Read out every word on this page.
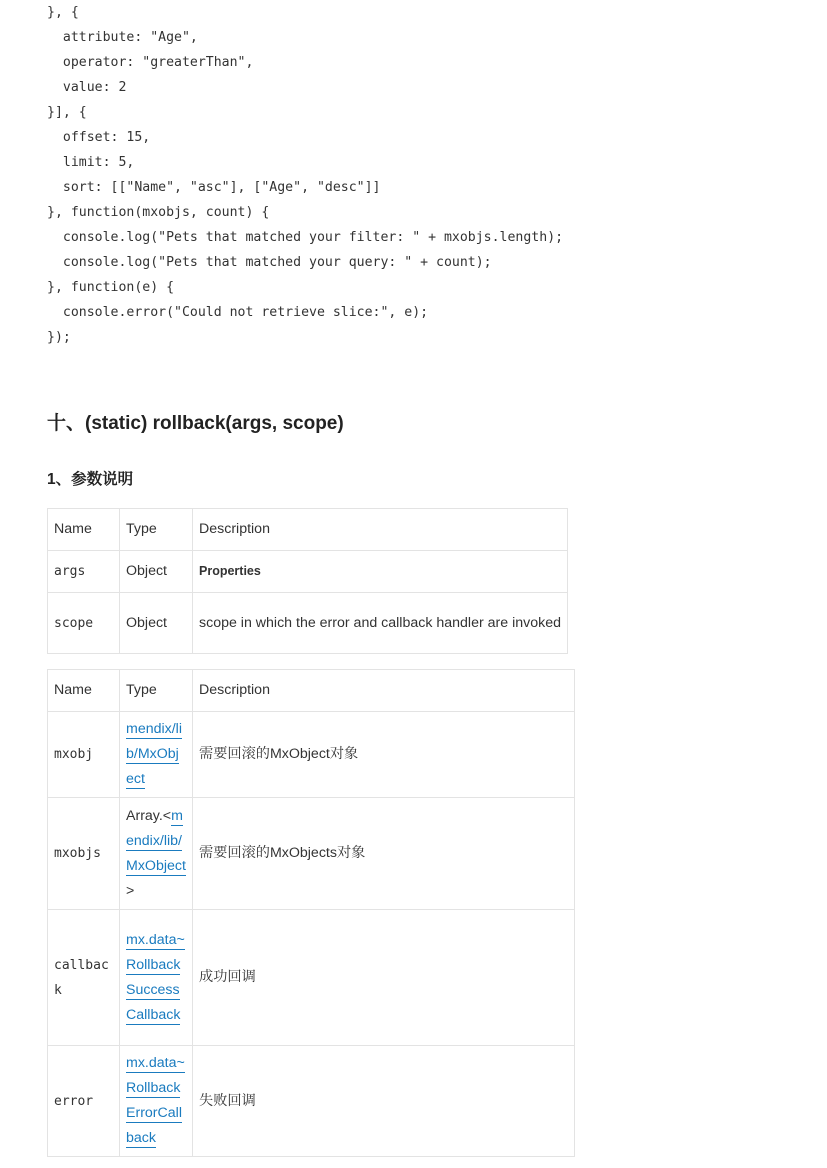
}, {
attribute: "Age",
operator: "greaterThan",
value: 2
}], {
offset: 15,
limit: 5,
sort: [["Name", "asc"], ["Age", "desc"]]
}, function(mxobjs, count) {
console.log("Pets that matched your filter: " + mxobjs.length);
console.log("Pets that matched your query: " + count);
}, function(e) {
console.error("Could not retrieve slice:", e);
});
十、(static) rollback(args, scope)
1、参数说明
Name	Type	Description
args	Object	Properties
scope	Object	scope in which the error and callback handler are invoked
Name	Type	Description
mxobj	mendix/lib/MxObject	需要回滚的MxObject对象
mxobjs	Array.<mendix/lib/MxObject>	需要回滚的MxObjects对象
callback	mx.data~RollbackSuccessCallback	成功回调
error	mx.data~RollbackErrorCallback	失败回调
